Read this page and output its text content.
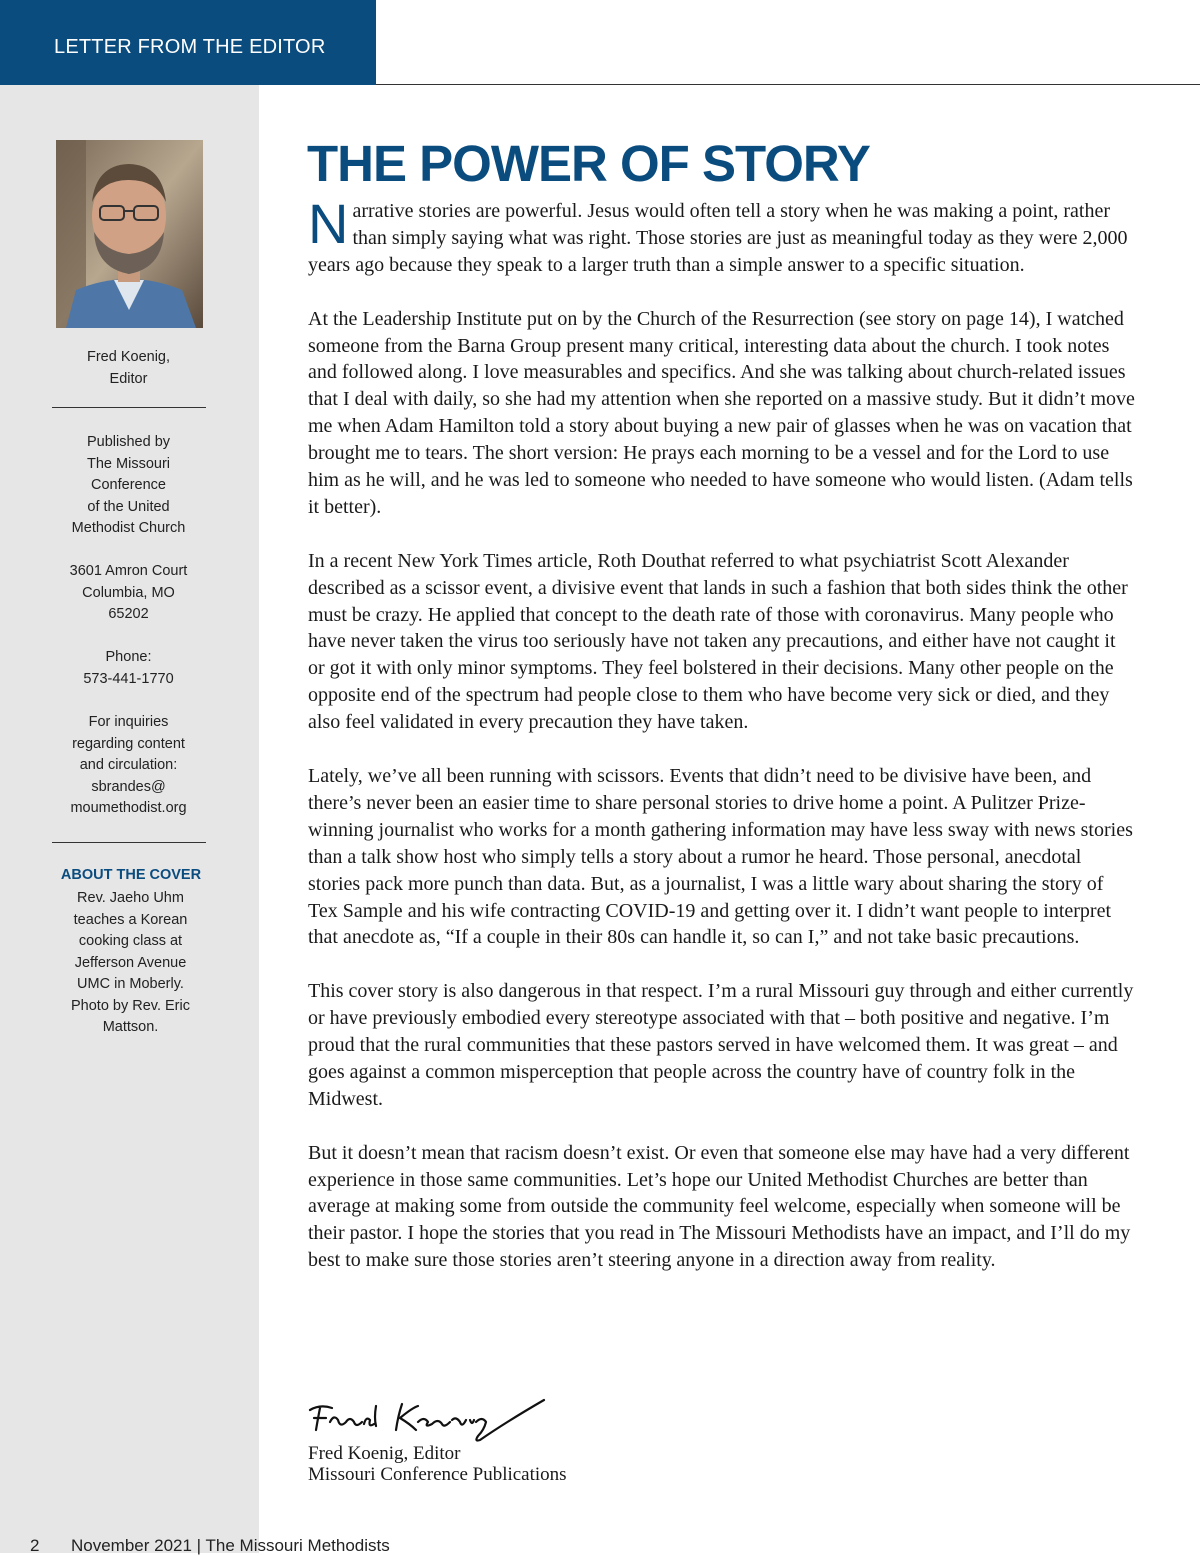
LETTER FROM THE EDITOR
Fred Koenig,
Editor
Published by
The Missouri
Conference
of the United
Methodist Church
3601 Amron Court
Columbia, MO
65202
Phone:
573-441-1770
For inquiries
regarding content
and circulation:
sbrandes@
moumethodist.org
ABOUT THE COVER
Rev. Jaeho Uhm
teaches a Korean
cooking class at
Jefferson Avenue
UMC in Moberly.
Photo by Rev. Eric
Mattson.
THE POWER OF STORY

Narrative stories are powerful. Jesus would often tell a story when he was making a point, rather than simply saying what was right. Those stories are just as meaningful today as they were 2,000 years ago because they speak to a larger truth than a simple answer to a specific situation.

At the Leadership Institute put on by the Church of the Resurrection (see story on page 14), I watched someone from the Barna Group present many critical, interesting data about the church. I took notes and followed along. I love measurables and specifics. And she was talking about church-related issues that I deal with daily, so she had my attention when she reported on a massive study. But it didn’t move me when Adam Hamilton told a story about buying a new pair of glasses when he was on vacation that brought me to tears. The short version: He prays each morning to be a vessel and for the Lord to use him as he will, and he was led to someone who needed to have someone who would listen. (Adam tells it better).

In a recent New York Times article, Roth Douthat referred to what psychiatrist Scott Alexander described as a scissor event, a divisive event that lands in such a fashion that both sides think the other must be crazy. He applied that concept to the death rate of those with coronavirus. Many people who have never taken the virus too seriously have not taken any precautions, and either have not caught it or got it with only minor symptoms. They feel bolstered in their decisions. Many other people on the opposite end of the spectrum had people close to them who have become very sick or died, and they also feel validated in every precaution they have taken.

Lately, we’ve all been running with scissors. Events that didn’t need to be divisive have been, and there’s never been an easier time to share personal stories to drive home a point. A Pulitzer Prize-winning journalist who works for a month gathering information may have less sway with news stories than a talk show host who simply tells a story about a rumor he heard. Those personal, anecdotal stories pack more punch than data. But, as a journalist, I was a little wary about sharing the story of Tex Sample and his wife contracting COVID-19 and getting over it. I didn’t want people to interpret that anecdote as, “If a couple in their 80s can handle it, so can I,” and not take basic precautions.

This cover story is also dangerous in that respect. I’m a rural Missouri guy through and either currently or have previously embodied every stereotype associated with that – both positive and negative. I’m proud that the rural communities that these pastors served in have welcomed them. It was great – and goes against a common misperception that people across the country have of country folk in the Midwest.

But it doesn’t mean that racism doesn’t exist. Or even that someone else may have had a very different experience in those same communities. Let’s hope our United Methodist Churches are better than average at making some from outside the community feel welcome, especially when someone will be their pastor. I hope the stories that you read in The Missouri Methodists have an impact, and I’ll do my best to make sure those stories aren’t steering anyone in a direction away from reality.

Fred Koenig, Editor
Missouri Conference Publications
2 November 2021 | The Missouri Methodists
